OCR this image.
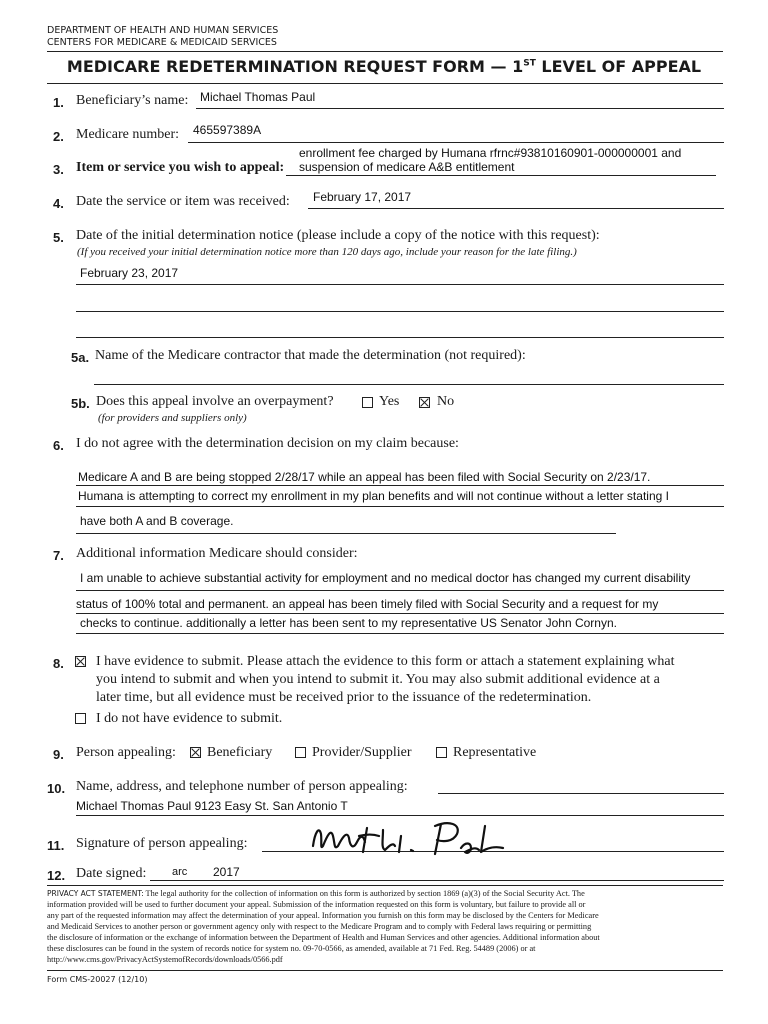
DEPARTMENT OF HEALTH AND HUMAN SERVICES
CENTERS FOR MEDICARE & MEDICAID SERVICES
MEDICARE REDETERMINATION REQUEST FORM — 1ST LEVEL OF APPEAL
1. Beneficiary’s name: Michael Thomas Paul
2. Medicare number: 465597389A
enrollment fee charged by Humana rfrnc#93810160901-000000001 and
3. Item or service you wish to appeal: suspension of medicare A&B entitlement
4. Date the service or item was received: February 17, 2017
5. Date of the initial determination notice (please include a copy of the notice with this request):
(If you received your initial determination notice more than 120 days ago, include your reason for the late filing.)
February 23, 2017
5a. Name of the Medicare contractor that made the determination (not required):
5b. Does this appeal involve an overpayment?	Yes	No
(for providers and suppliers only)
6. I do not agree with the determination decision on my claim because:
Medicare A and B are being stopped 2/28/17 while an appeal has been filed with Social Security on 2/23/17.
Humana is attempting to correct my enrollment in my plan benefits and will not continue without a letter stating I
have both A and B coverage.
7. Additional information Medicare should consider:
I am unable to achieve substantial activity for employment and no medical doctor has changed my current disability
status of 100% total and permanent. an appeal has been timely filed with Social Security and a request for my
checks to continue. additionally a letter has been sent to my representative US Senator John Cornyn.
8. I have evidence to submit. Please attach the evidence to this form or attach a statement explaining what
you intend to submit and when you intend to submit it. You may also submit additional evidence at a
later time, but all evidence must be received prior to the issuance of the redetermination.
I do not have evidence to submit.
9. Person appealing: Beneficiary	Provider/Supplier	Representative
10. Name, address, and telephone number of person appealing:
Michael Thomas Paul 9123 Easy St. San Antonio T
11. Signature of person appealing:
12. Date signed: arc 2017
PRIVACY ACT STATEMENT: The legal authority for the collection of information on this form is authorized by section 1869 (a)(3) of the Social Security Act. The
information provided will be used to further document your appeal. Submission of the information requested on this form is voluntary, but failure to provide all or
any part of the requested information may affect the determination of your appeal. Information you furnish on this form may be disclosed by the Centers for Medicare
and Medicaid Services to another person or government agency only with respect to the Medicare Program and to comply with Federal laws requiring or permitting
the disclosure of information or the exchange of information between the Department of Health and Human Services and other agencies. Additional information about
these disclosures can be found in the system of records notice for system no. 09-70-0566, as amended, available at 71 Fed. Reg. 54489 (2006) or at
http://www.cms.gov/PrivacyActSystemofRecords/downloads/0566.pdf
Form CMS-20027 (12/10)
